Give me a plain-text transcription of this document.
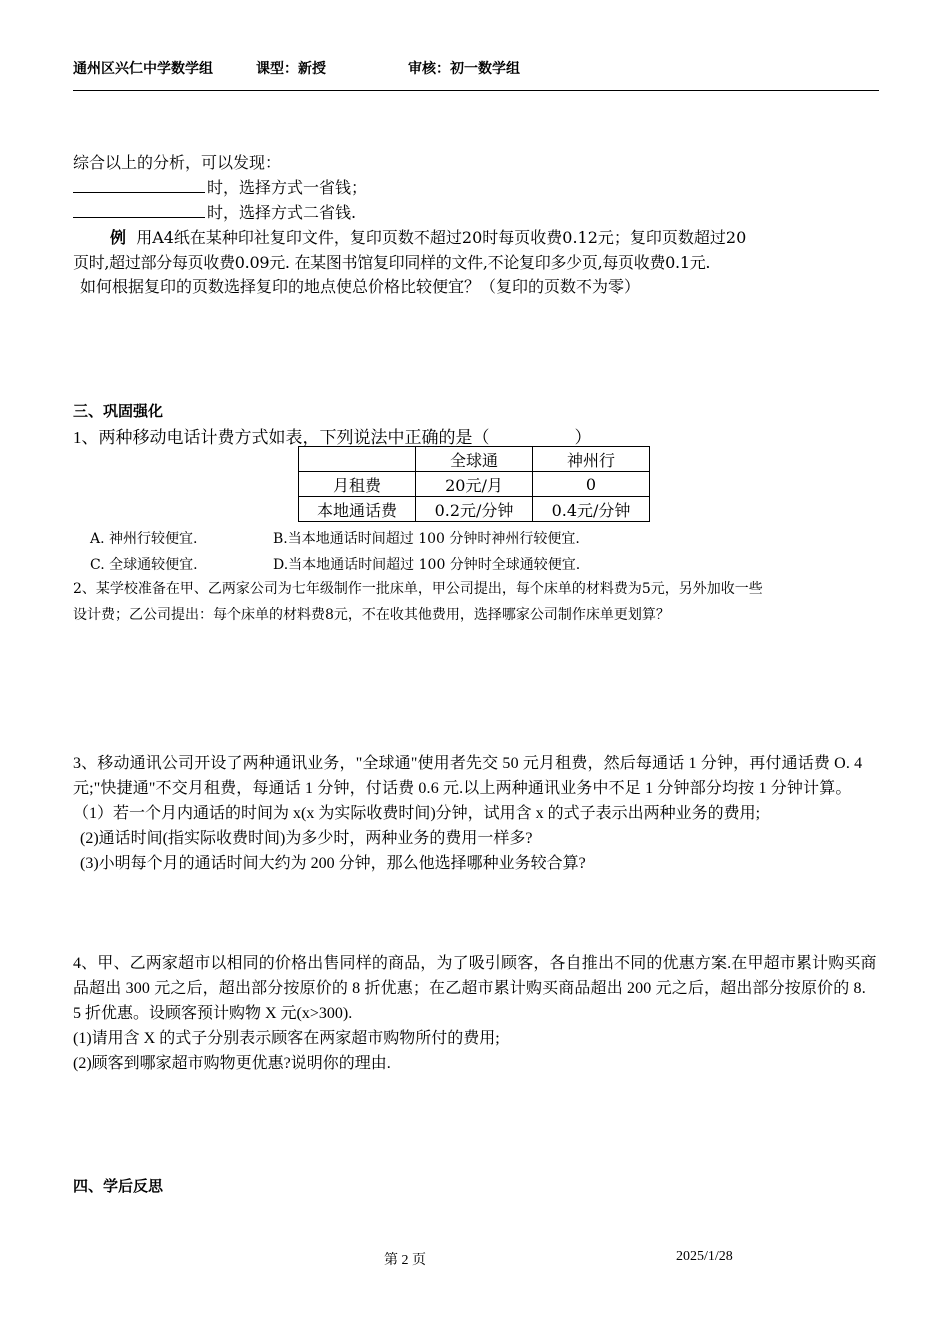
通州区兴仁中学数学组	课型：新授	审核：初一数学组
综合以上的分析，可以发现：
时，选择方式一省钱；
时，选择方式二省钱.
例 用A4纸在某种印社复印文件，复印页数不超过20时每页收费0.12元；复印页数超过20
页时,超过部分每页收费0.09元. 在某图书馆复印同样的文件,不论复印多少页,每页收费0.1元.
如何根据复印的页数选择复印的地点使总价格比较便宜？（复印的页数不为零）
三、巩固强化
1、两种移动电话计费方式如表，下列说法中正确的是（　　　　　）
	全球通	神州行
月租费	20元/月	0
本地通话费	0.2元/分钟	0.4元/分钟
A. 神州行较便宜.	B.当本地通话时间超过 100 分钟时神州行较便宜.
C. 全球通较便宜.	D.当本地通话时间超过 100 分钟时全球通较便宜.
2、某学校准备在甲、乙两家公司为七年级制作一批床单，甲公司提出，每个床单的材料费为5元，另外加收一些
设计费；乙公司提出：每个床单的材料费8元，不在收其他费用，选择哪家公司制作床单更划算？
3、移动通讯公司开设了两种通讯业务，"全球通"使用者先交 50 元月租费，然后每通话 1 分钟，再付通话费 O. 4
元;"快捷通"不交月租费，每通话 1 分钟，付话费 0.6 元.以上两种通讯业务中不足 1 分钟部分均按 1 分钟计算。
（1）若一个月内通话的时间为 x(x 为实际收费时间)分钟，试用含 x 的式子表示出两种业务的费用;
(2)通话时间(指实际收费时间)为多少时，两种业务的费用一样多?
(3)小明每个月的通话时间大约为 200 分钟，那么他选择哪种业务较合算?
4、甲、乙两家超市以相同的价格出售同样的商品，为了吸引顾客，各自推出不同的优惠方案.在甲超市累计购买商
品超出 300 元之后，超出部分按原价的 8 折优惠；在乙超市累计购买商品超出 200 元之后，超出部分按原价的 8.
5 折优惠。设顾客预计购物 X 元(x>300).
(1)请用含 X 的式子分别表示顾客在两家超市购物所付的费用;
(2)顾客到哪家超市购物更优惠?说明你的理由.
四、学后反思
第 2 页	2025/1/28
